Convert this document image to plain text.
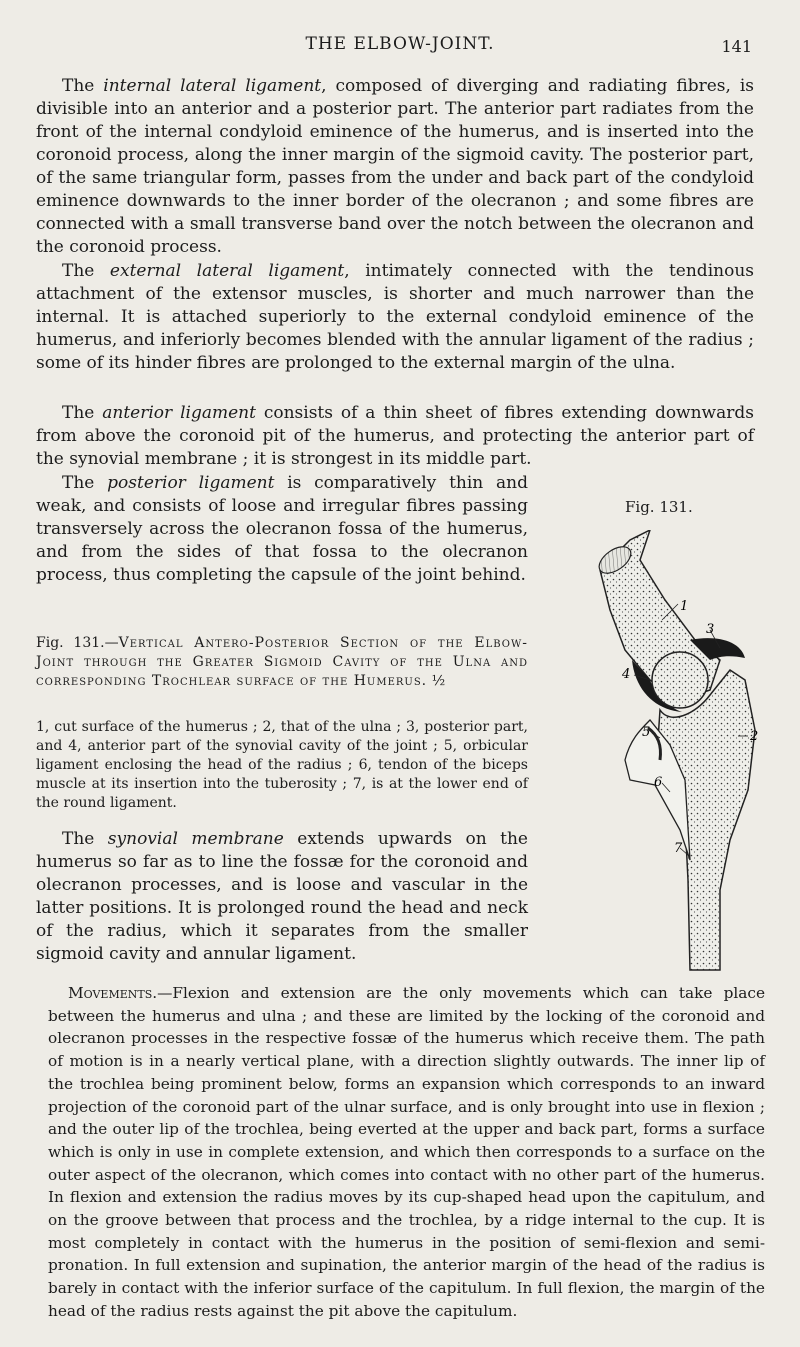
THE ELBOW-JOINT.	141

The internal lateral ligament, composed of diverging and radiating fibres, is divisible into an anterior and a posterior part. The anterior part radiates from the front of the internal condyloid eminence of the humerus, and is inserted into the coronoid process, along the inner margin of the sigmoid cavity. The posterior part, of the same triangular form, passes from the under and back part of the condyloid eminence downwards to the inner border of the olecranon ; and some fibres are connected with a small transverse band over the notch between the olecranon and the coronoid process.

The external lateral ligament, intimately connected with the tendinous attachment of the extensor muscles, is shorter and much narrower than the internal. It is attached superiorly to the external condyloid eminence of the humerus, and inferiorly becomes blended with the annular ligament of the radius ; some of its hinder fibres are prolonged to the external margin of the ulna.

The anterior ligament consists of a thin sheet of fibres extending downwards from above the coronoid pit of the humerus, and protecting the anterior part of the synovial membrane ; it is strongest in its middle part.

The posterior ligament is comparatively thin and weak, and consists of loose and irregular fibres passing transversely across the olecranon fossa of the humerus, and from the sides of that fossa to the olecranon process, thus completing the capsule of the joint behind.

Fig. 131.

Fig. 131.—Vertical Antero-Posterior Section of the Elbow-Joint through the Greater Sigmoid Cavity of the Ulna and corresponding Trochlear surface of the Humerus. ½

1, cut surface of the humerus ; 2, that of the ulna ; 3, posterior part, and 4, anterior part of the synovial cavity of the joint ; 5, orbicular ligament enclosing the head of the radius ; 6, tendon of the biceps muscle at its insertion into the tuberosity ; 7, is at the lower end of the round ligament.

The synovial membrane extends upwards on the humerus so far as to line the fossæ for the coronoid and olecranon processes, and is loose and vascular in the latter positions. It is prolonged round the head and neck of the radius, which it separates from the smaller sigmoid cavity and annular ligament.

1
2
3
4
5
6
7

Movements.—Flexion and extension are the only movements which can take place between the humerus and ulna ; and these are limited by the locking of the coronoid and olecranon processes in the respective fossæ of the humerus which receive them. The path of motion is in a nearly vertical plane, with a direction slightly outwards. The inner lip of the trochlea being prominent below, forms an expansion which corresponds to an inward projection of the coronoid part of the ulnar surface, and is only brought into use in flexion ; and the outer lip of the trochlea, being everted at the upper and back part, forms a surface which is only in use in complete extension, and which then corresponds to a surface on the outer aspect of the olecranon, which comes into contact with no other part of the humerus. In flexion and extension the radius moves by its cup-shaped head upon the capitulum, and on the groove between that process and the trochlea, by a ridge internal to the cup. It is most completely in contact with the humerus in the position of semi-flexion and semi-pronation. In full extension and supination, the anterior margin of the head of the radius is barely in contact with the inferior surface of the capitulum. In full flexion, the margin of the head of the radius rests against the pit above the capitulum.
